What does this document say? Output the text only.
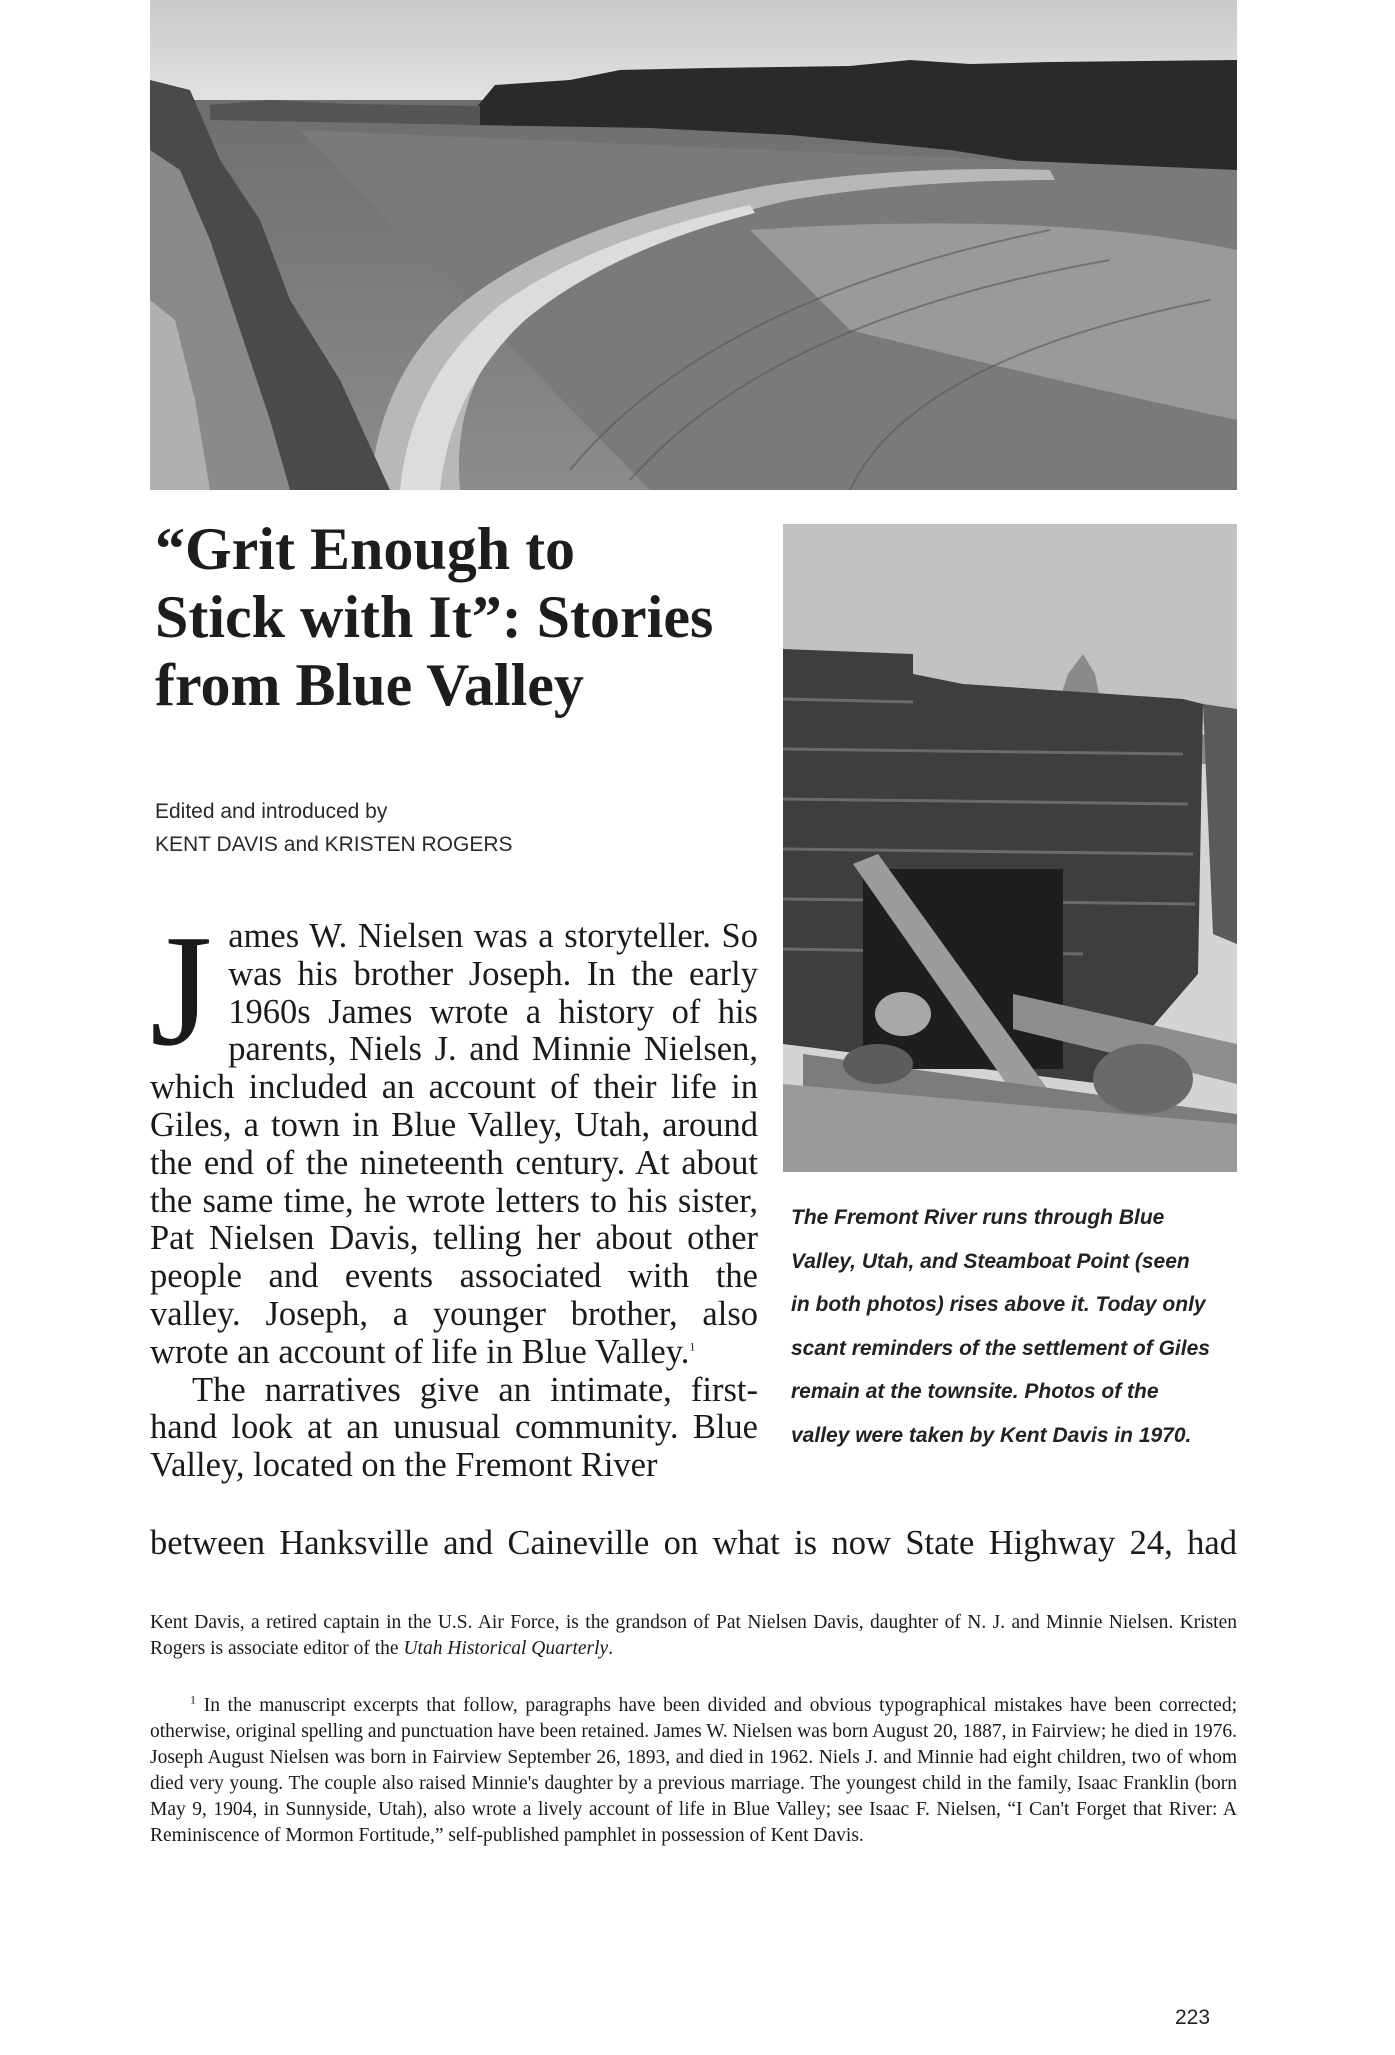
“Grit Enough to Stick with It”: Stories from Blue Valley
Edited and introduced by
KENT DAVIS and KRISTEN ROGERS

James W. Nielsen was a storyteller. So was his brother Joseph. In the early 1960s James wrote a history of his parents, Niels J. and Minnie Nielsen, which included an account of their life in Giles, a town in Blue Valley, Utah, around the end of the nineteenth century. At about the same time, he wrote letters to his sister, Pat Nielsen Davis, telling her about other people and events associated with the valley. Joseph, a younger brother, also wrote an account of life in Blue Valley.$^1$

The narratives give an intimate, first-hand look at an unusual community. Blue Valley, located on the Fremont River

between Hanksville and Caineville on what is now State Highway 24, had
The Fremont River runs through Blue Valley, Utah, and Steamboat Point (seen in both photos) rises above it. Today only scant reminders of the settlement of Giles remain at the townsite. Photos of the valley were taken by Kent Davis in 1970.
Kent Davis, a retired captain in the U.S. Air Force, is the grandson of Pat Nielsen Davis, daughter of N. J. and Minnie Nielsen. Kristen Rogers is associate editor of the Utah Historical Quarterly.
$^1$ In the manuscript excerpts that follow, paragraphs have been divided and obvious typographical mistakes have been corrected; otherwise, original spelling and punctuation have been retained. James W. Nielsen was born August 20, 1887, in Fairview; he died in 1976. Joseph August Nielsen was born in Fairview September 26, 1893, and died in 1962. Niels J. and Minnie had eight children, two of whom died very young. The couple also raised Minnie's daughter by a previous marriage. The youngest child in the family, Isaac Franklin (born May 9, 1904, in Sunnyside, Utah), also wrote a lively account of life in Blue Valley; see Isaac F. Nielsen, “I Can't Forget that River: A Reminiscence of Mormon Fortitude,” self-published pamphlet in possession of Kent Davis.
223
